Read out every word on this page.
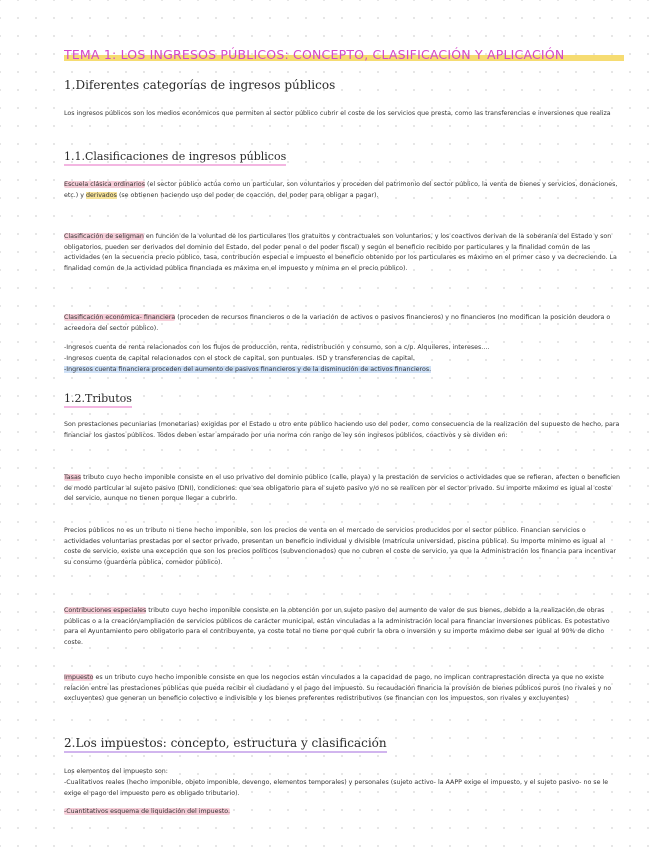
TEMA 1: LOS INGRESOS PÚBLICOS: CONCEPTO, CLASIFICACIÓN Y APLICACIÓN
1.Diferentes categorías de ingresos públicos
Los ingresos públicos son los medios económicos que permiten al sector público cubrir el coste de los servicios que presta, como las transferencias e inversiones que realiza
1.1.Clasificaciones de ingresos públicos
Escuela clásica ordinarios (el sector público actúa como un particular, son voluntarios y proceden del patrimonio del sector público, la venta de bienes y servicios, donaciones, etc.) y derivados (se obtienen haciendo uso del poder de coacción, del poder para obligar a pagar).
Clasificación de seligman en función de la voluntad de los particulares (los gratuitos y contractuales son voluntarios, y los coactivos derivan de la soberanía del Estado y son obligatorios, pueden ser derivados del dominio del Estado, del poder penal o del poder fiscal) y según el beneficio recibido por particulares y la finalidad común de las actividades (en la secuencia precio público, tasa, contribución especial e impuesto el beneficio obtenido por los particulares es máximo en el primer caso y va decreciendo. La finalidad común de la actividad pública financiada es máxima en el impuesto y mínima en el precio público).
Clasificación económica- financiera (proceden de recursos financieros o de la variación de activos o pasivos financieros) y no financieros (no modifican la posición deudora o acreedora del sector público).
-Ingresos cuenta de renta relacionados con los flujos de producción, renta, redistribución y consumo, son a c/p. Alquileres, intereses….
-Ingresos cuenta de capital relacionados con el stock de capital, son puntuales. ISD y transferencias de capital.
-Ingresos cuenta financiera proceden del aumento de pasivos financieros y de la disminución de activos financieros.
1.2.Tributos
Son prestaciones pecuniarias (monetarias) exigidas por el Estado u otro ente público haciendo uso del poder, como consecuencia de la realización del supuesto de hecho, para financiar los gastos públicos. Todos deben estar amparado por una norma con rango de ley son ingresos públicos, coactivos y se dividen en:
Tasas tributo cuyo hecho imponible consiste en el uso privativo del dominio público (calle, playa) y la prestación de servicios o actividades que se refieran, afecten o beneficien de modo particular al sujeto pasivo (DNI), condiciones: que sea obligatorio para el sujeto pasivo y/o no se realicen por el sector privado. Su importe máximo es igual al coste del servicio, aunque no tienen porque llegar a cubrirlo.
Precios públicos no es un tributo ni tiene hecho imponible, son los precios de venta en el mercado de servicios producidos por el sector público. Financian servicios o actividades voluntarias prestadas por el sector privado, presentan un beneficio individual y divisible (matrícula universidad, piscina pública). Su importe mínimo es igual al coste de servicio, existe una excepción que son los precios políticos (subvencionados) que no cubren el coste de servicio, ya que la Administración los financia para incentivar su consumo (guardería pública, comedor público).
Contribuciones especiales tributo cuyo hecho imponible consiste en la obtención por un sujeto pasivo del aumento de valor de sus bienes, debido a la realización de obras públicas o a la creación/ampliación de servicios públicos de carácter municipal, están vinculadas a la administración local para financiar inversiones públicas. Es potestativo para el Ayuntamiento pero obligatorio para el contribuyente, ya coste total no tiene por qué cubrir la obra o inversión y su importe máximo debe ser igual al 90% de dicho coste.
Impuesto es un tributo cuyo hecho imponible consiste en que los negocios están vinculados a la capacidad de pago, no implican contraprestación directa ya que no existe relación entre las prestaciones públicas que pueda recibir el ciudadano y el pago del impuesto. Su recaudación financia la provisión de bienes públicos puros (no rivales y no excluyentes) que generan un beneficio colectivo e indivisible y los bienes preferentes redistributivos (se financian con los impuestos, son rivales y excluyentes)
2.Los impuestos: concepto, estructura y clasificación
Los elementos del impuesto son:
-Cualitativos reales (hecho imponible, objeto imponible, devengo, elementos temporales) y personales (sujeto activo- la AAPP exige el impuesto, y el sujeto pasivo- no se le exige el pago del impuesto pero es obligado tributario).
-Cuantitativos esquema de liquidación del impuesto.
